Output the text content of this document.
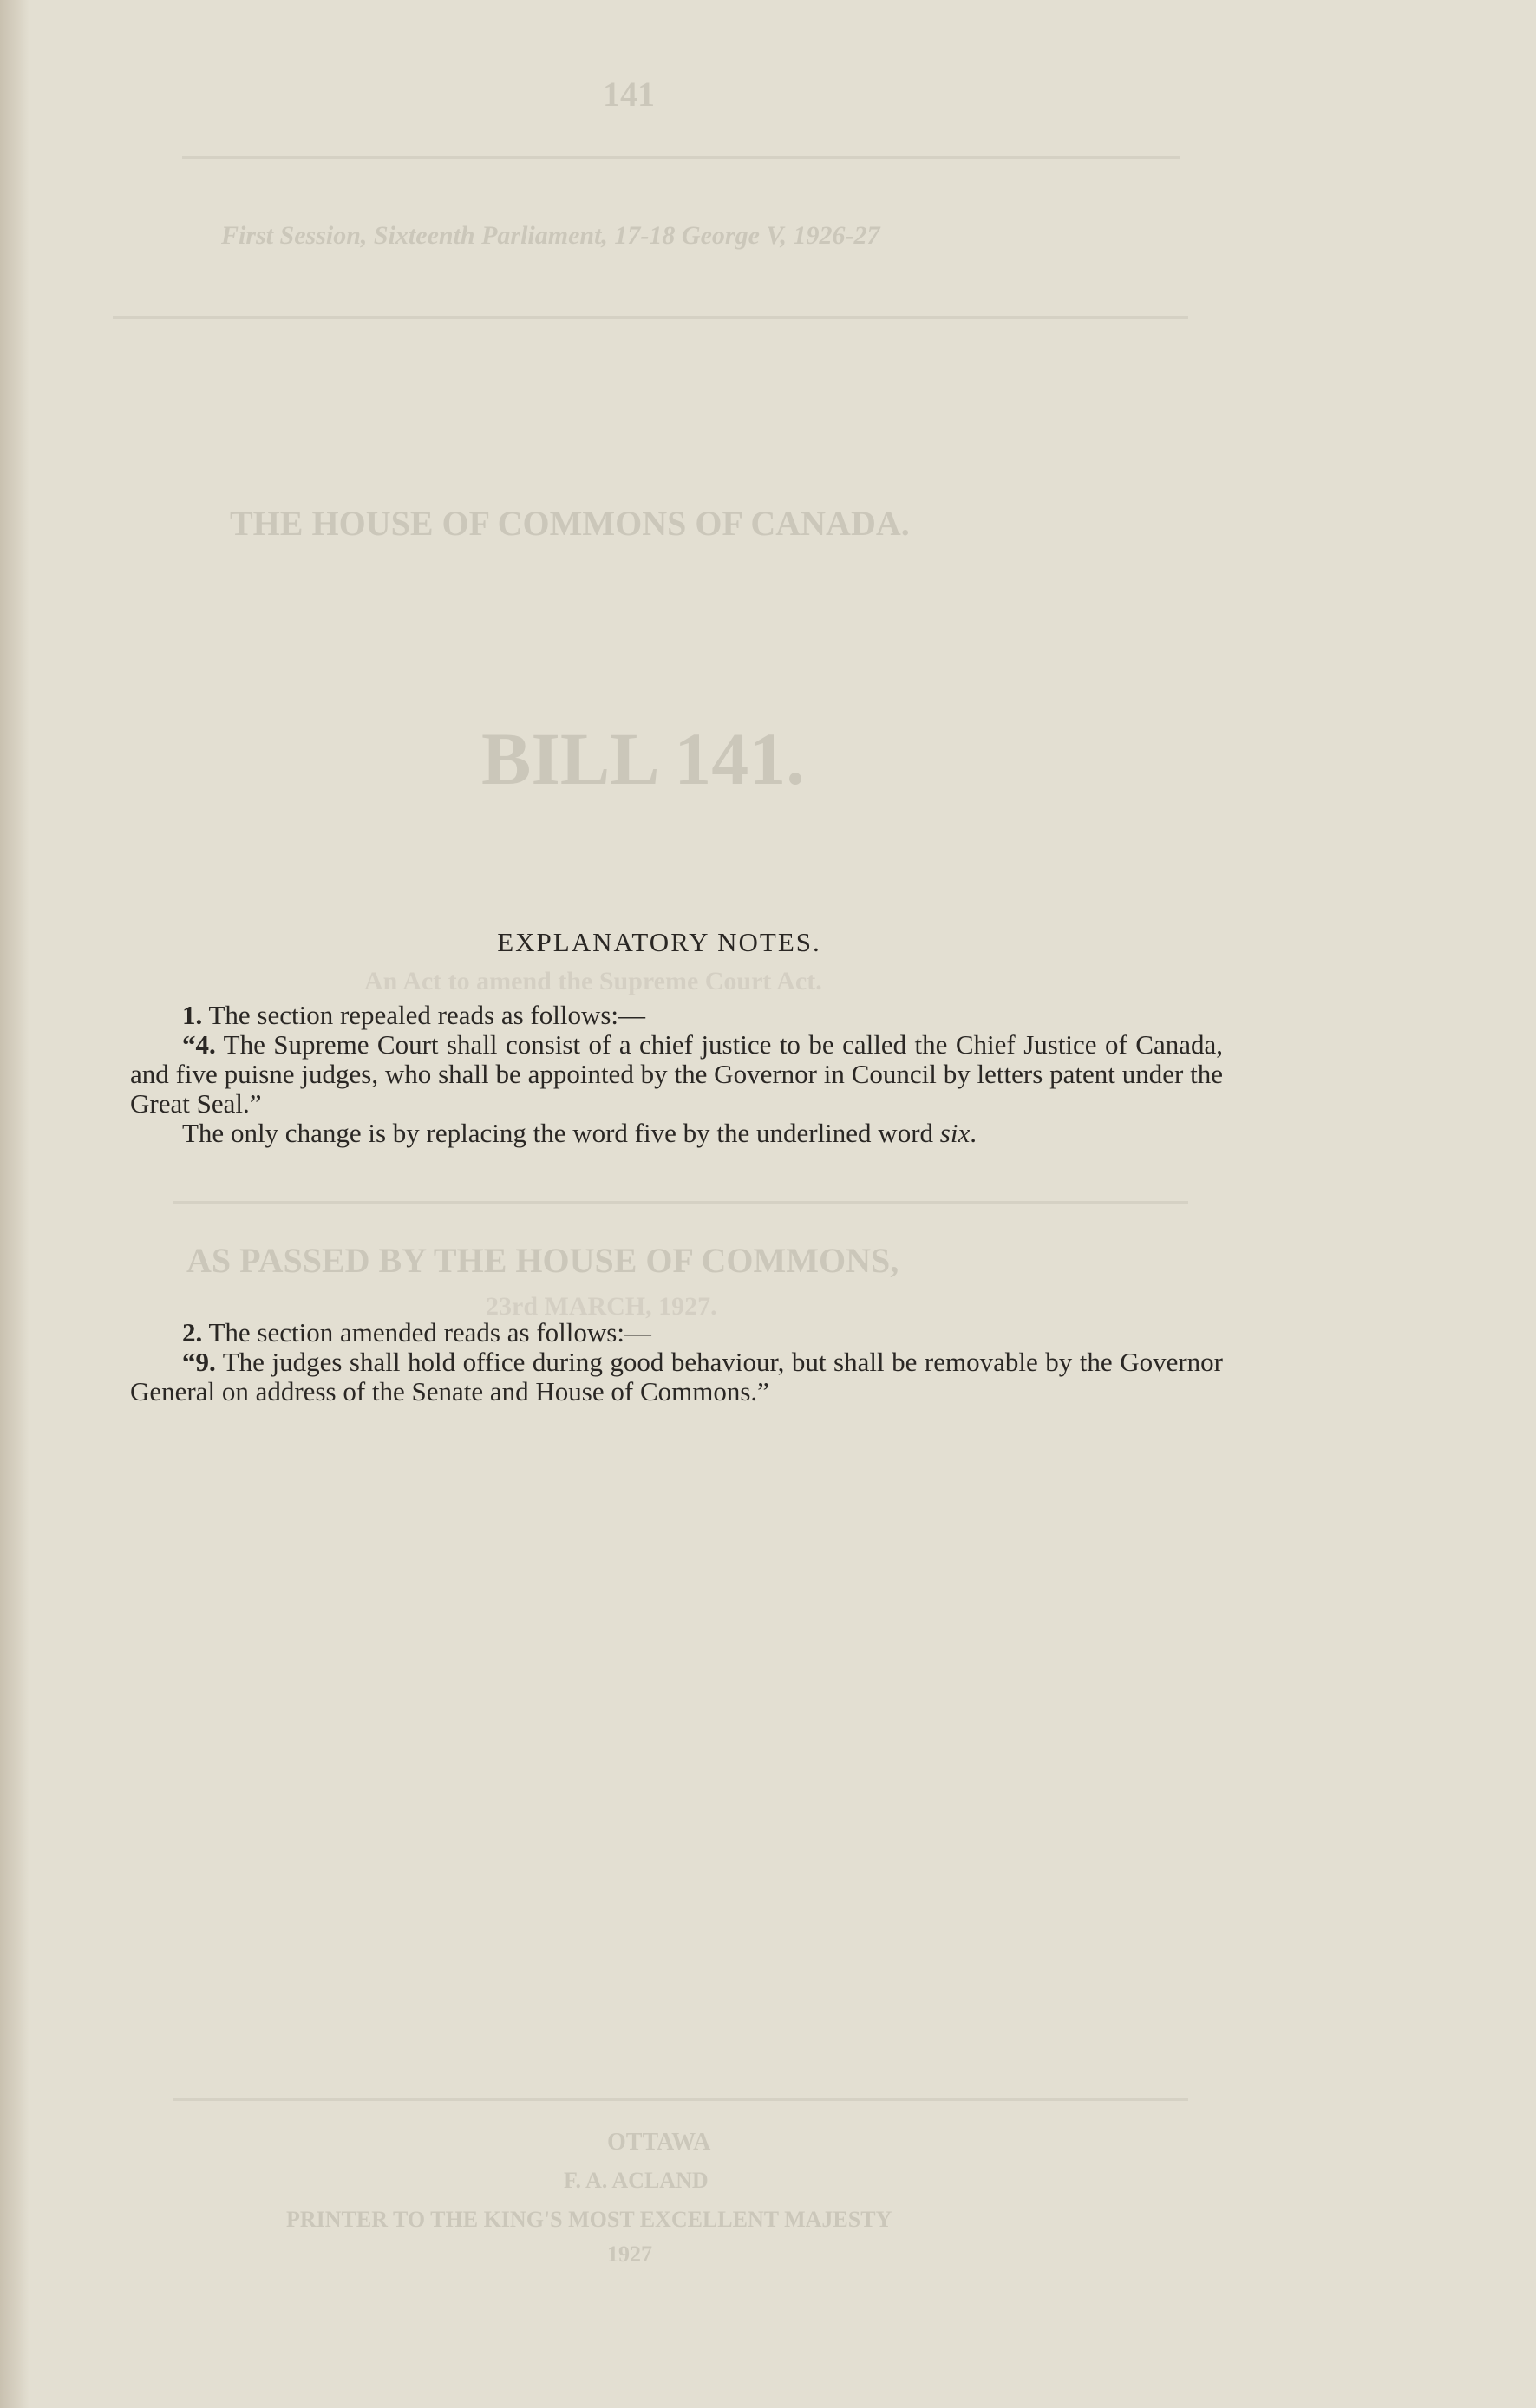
141
First Session, Sixteenth Parliament, 17-18 George V, 1926-27
THE HOUSE OF COMMONS OF CANADA.
BILL 141.
An Act to amend the Supreme Court Act.
AS PASSED BY THE HOUSE OF COMMONS,
23rd MARCH, 1927.
OTTAWA
F. A. ACLAND
PRINTER TO THE KING'S MOST EXCELLENT MAJESTY
1927
EXPLANATORY NOTES.

1. The section repealed reads as follows:—

“4. The Supreme Court shall consist of a chief justice to be called the Chief Justice of Canada, and five puisne judges, who shall be appointed by the Governor in Council by letters patent under the Great Seal.”

The only change is by replacing the word five by the underlined word six.

2. The section amended reads as follows:—

“9. The judges shall hold office during good behaviour, but shall be removable by the Governor General on address of the Senate and House of Commons.”
